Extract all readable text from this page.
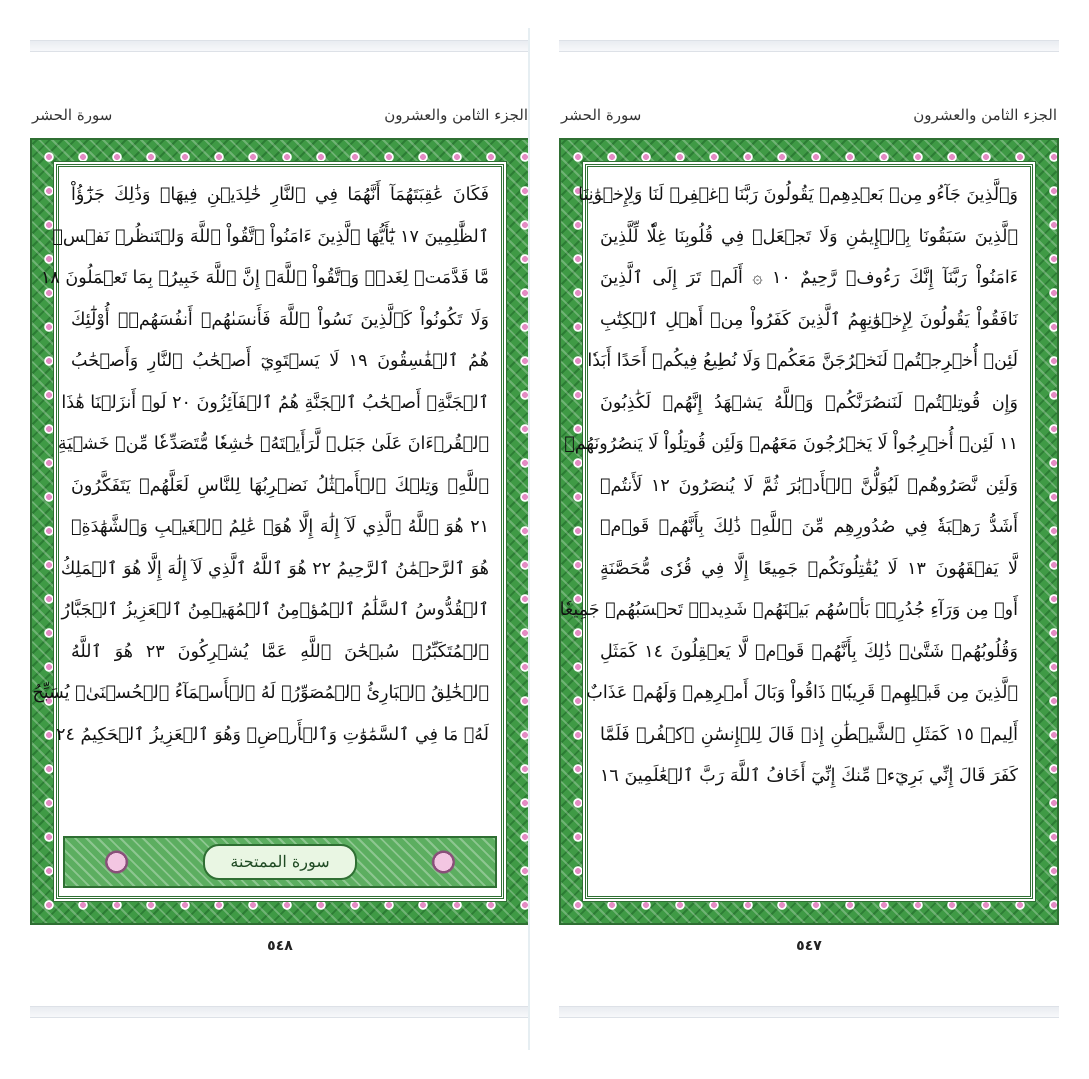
الجزء الثامن والعشرون
سورة الحشر
فَكَانَ عَٰقِبَتَهُمَآ أَنَّهُمَا فِي ٱلنَّارِ خَٰلِدَيۡنِ فِيهَاۚ وَذَٰلِكَ جَزَٰٓؤُاْ
ٱلظَّٰلِمِينَ ١٧ يَٰٓأَيُّهَا ٱلَّذِينَ ءَامَنُواْ ٱتَّقُواْ ٱللَّهَ وَلۡتَنظُرۡ نَفۡسٞ
مَّا قَدَّمَتۡ لِغَدٖۖ وَٱتَّقُواْ ٱللَّهَۚ إِنَّ ٱللَّهَ خَبِيرُۢ بِمَا تَعۡمَلُونَ ١٨
وَلَا تَكُونُواْ كَٱلَّذِينَ نَسُواْ ٱللَّهَ فَأَنسَىٰهُمۡ أَنفُسَهُمۡۚ أُوْلَٰٓئِكَ
هُمُ ٱلۡفَٰسِقُونَ ١٩ لَا يَسۡتَوِيٓ أَصۡحَٰبُ ٱلنَّارِ وَأَصۡحَٰبُ
ٱلۡجَنَّةِۚ أَصۡحَٰبُ ٱلۡجَنَّةِ هُمُ ٱلۡفَآئِزُونَ ٢٠ لَوۡ أَنزَلۡنَا هَٰذَا
ٱلۡقُرۡءَانَ عَلَىٰ جَبَلٖ لَّرَأَيۡتَهُۥ خَٰشِعٗا مُّتَصَدِّعٗا مِّنۡ خَشۡيَةِ
ٱللَّهِۚ وَتِلۡكَ ٱلۡأَمۡثَٰلُ نَضۡرِبُهَا لِلنَّاسِ لَعَلَّهُمۡ يَتَفَكَّرُونَ
٢١ هُوَ ٱللَّهُ ٱلَّذِي لَآ إِلَٰهَ إِلَّا هُوَۖ عَٰلِمُ ٱلۡغَيۡبِ وَٱلشَّهَٰدَةِۖ
هُوَ ٱلرَّحۡمَٰنُ ٱلرَّحِيمُ ٢٢ هُوَ ٱللَّهُ ٱلَّذِي لَآ إِلَٰهَ إِلَّا هُوَ ٱلۡمَلِكُ
ٱلۡقُدُّوسُ ٱلسَّلَٰمُ ٱلۡمُؤۡمِنُ ٱلۡمُهَيۡمِنُ ٱلۡعَزِيزُ ٱلۡجَبَّارُ
ٱلۡمُتَكَبِّرُۚ سُبۡحَٰنَ ٱللَّهِ عَمَّا يُشۡرِكُونَ ٢٣ هُوَ ٱللَّهُ
ٱلۡخَٰلِقُ ٱلۡبَارِئُ ٱلۡمُصَوِّرُۖ لَهُ ٱلۡأَسۡمَآءُ ٱلۡحُسۡنَىٰۚ يُسَبِّحُ
لَهُۥ مَا فِي ٱلسَّمَٰوَٰتِ وَٱلۡأَرۡضِۖ وَهُوَ ٱلۡعَزِيزُ ٱلۡحَكِيمُ ٢٤
سورة الممتحنة
٥٤٨
الجزء الثامن والعشرون
سورة الحشر
وَٱلَّذِينَ جَآءُو مِنۢ بَعۡدِهِمۡ يَقُولُونَ رَبَّنَا ٱغۡفِرۡ لَنَا وَلِإِخۡوَٰنِنَا
ٱلَّذِينَ سَبَقُونَا بِٱلۡإِيمَٰنِ وَلَا تَجۡعَلۡ فِي قُلُوبِنَا غِلّٗا لِّلَّذِينَ
ءَامَنُواْ رَبَّنَآ إِنَّكَ رَءُوفٞ رَّحِيمٌ ١٠ ۞ أَلَمۡ تَرَ إِلَى ٱلَّذِينَ
نَافَقُواْ يَقُولُونَ لِإِخۡوَٰنِهِمُ ٱلَّذِينَ كَفَرُواْ مِنۡ أَهۡلِ ٱلۡكِتَٰبِ
لَئِنۡ أُخۡرِجۡتُمۡ لَنَخۡرُجَنَّ مَعَكُمۡ وَلَا نُطِيعُ فِيكُمۡ أَحَدًا أَبَدٗا
وَإِن قُوتِلۡتُمۡ لَنَنصُرَنَّكُمۡ وَٱللَّهُ يَشۡهَدُ إِنَّهُمۡ لَكَٰذِبُونَ
١١ لَئِنۡ أُخۡرِجُواْ لَا يَخۡرُجُونَ مَعَهُمۡ وَلَئِن قُوتِلُواْ لَا يَنصُرُونَهُمۡ
وَلَئِن نَّصَرُوهُمۡ لَيُوَلُّنَّ ٱلۡأَدۡبَٰرَ ثُمَّ لَا يُنصَرُونَ ١٢ لَأَنتُمۡ
أَشَدُّ رَهۡبَةٗ فِي صُدُورِهِم مِّنَ ٱللَّهِۚ ذَٰلِكَ بِأَنَّهُمۡ قَوۡمٞ
لَّا يَفۡقَهُونَ ١٣ لَا يُقَٰتِلُونَكُمۡ جَمِيعًا إِلَّا فِي قُرٗى مُّحَصَّنَةٍ
أَوۡ مِن وَرَآءِ جُدُرِۭۚ بَأۡسُهُم بَيۡنَهُمۡ شَدِيدٞۚ تَحۡسَبُهُمۡ جَمِيعٗا
وَقُلُوبُهُمۡ شَتَّىٰۚ ذَٰلِكَ بِأَنَّهُمۡ قَوۡمٞ لَّا يَعۡقِلُونَ ١٤ كَمَثَلِ
ٱلَّذِينَ مِن قَبۡلِهِمۡ قَرِيبٗاۖ ذَاقُواْ وَبَالَ أَمۡرِهِمۡ وَلَهُمۡ عَذَابٌ
أَلِيمٞ ١٥ كَمَثَلِ ٱلشَّيۡطَٰنِ إِذۡ قَالَ لِلۡإِنسَٰنِ ٱكۡفُرۡ فَلَمَّا
كَفَرَ قَالَ إِنِّي بَرِيٓءٞ مِّنكَ إِنِّيٓ أَخَافُ ٱللَّهَ رَبَّ ٱلۡعَٰلَمِينَ ١٦
٥٤٧
